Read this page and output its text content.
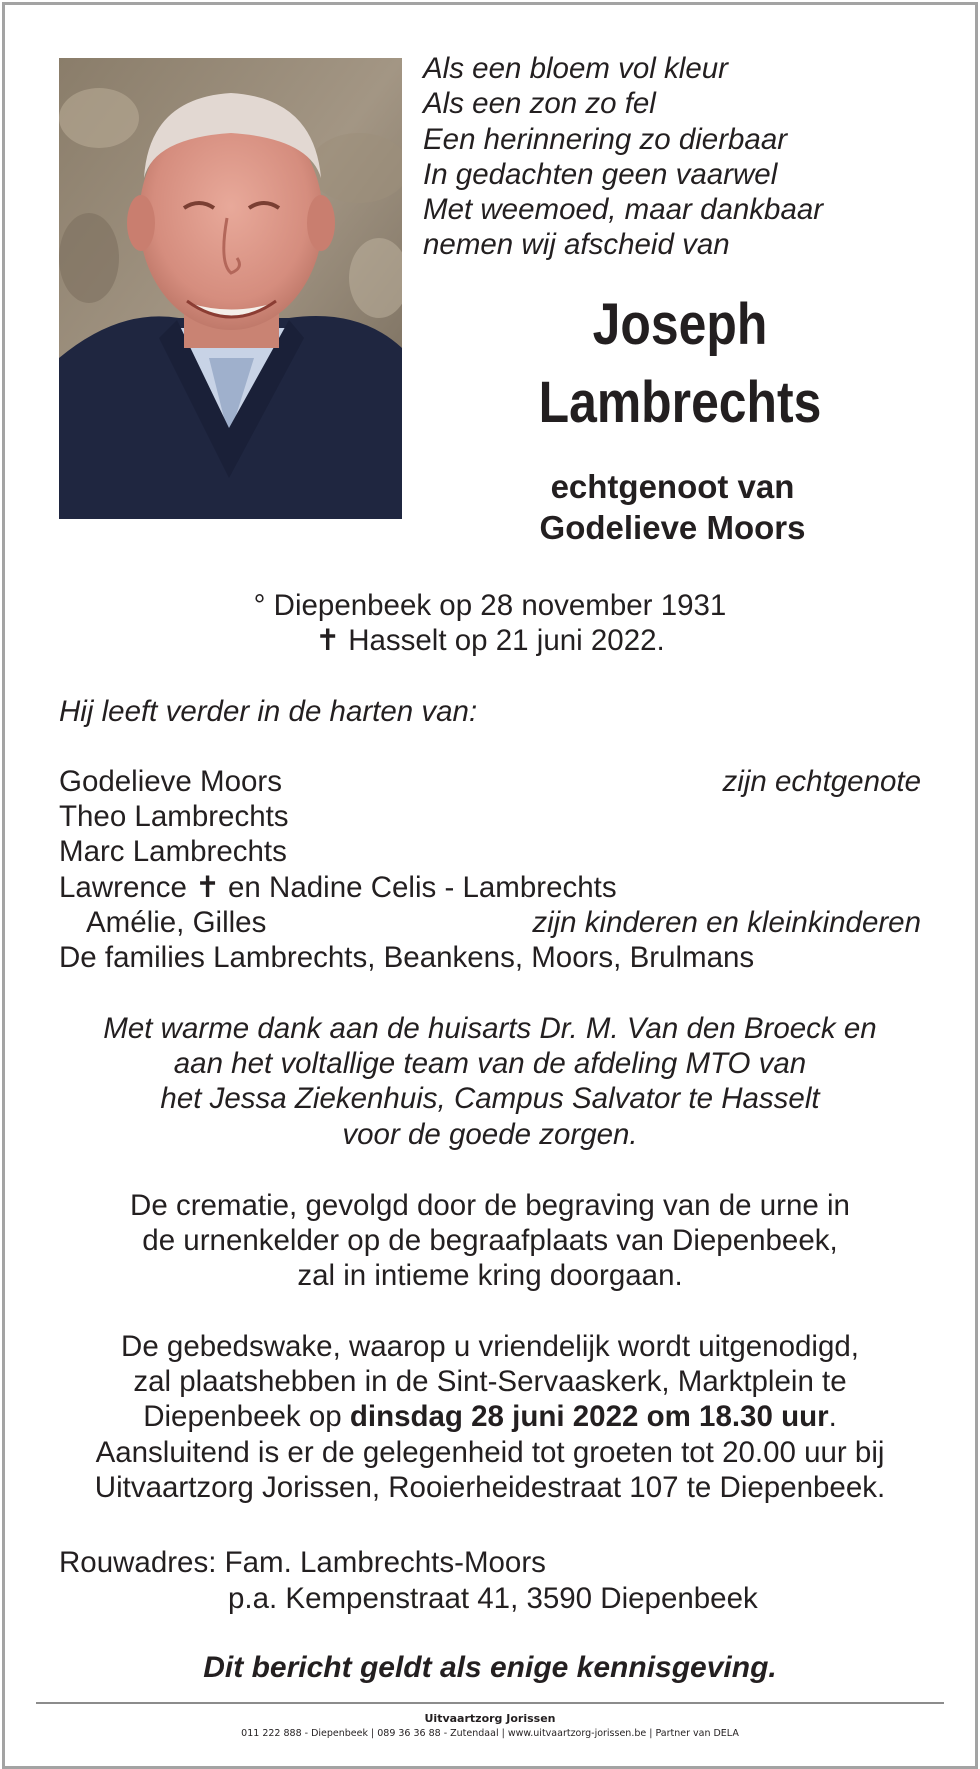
Als een bloem vol kleur
Als een zon zo fel
Een herinnering zo dierbaar
In gedachten geen vaarwel
Met weemoed, maar dankbaar
nemen wij afscheid van
Joseph
Lambrechts
echtgenoot van
Godelieve Moors
° Diepenbeek op 28 november 1931
✝ Hasselt op 21 juni 2022.
Hij leeft verder in de harten van:
Godelieve Moors	zijn echtgenote
Theo Lambrechts
Marc Lambrechts
Lawrence ✝ en Nadine Celis - Lambrechts
Amélie, Gilles	zijn kinderen en kleinkinderen
De families Lambrechts, Beankens, Moors, Brulmans
Met warme dank aan de huisarts Dr. M. Van den Broeck en
aan het voltallige team van de afdeling MTO van
het Jessa Ziekenhuis, Campus Salvator te Hasselt
voor de goede zorgen.
De crematie, gevolgd door de begraving van de urne in
de urnenkelder op de begraafplaats van Diepenbeek,
zal in intieme kring doorgaan.
De gebedswake, waarop u vriendelijk wordt uitgenodigd,
zal plaatshebben in de Sint-Servaaskerk, Marktplein te
Diepenbeek op dinsdag 28 juni 2022 om 18.30 uur.
Aansluitend is er de gelegenheid tot groeten tot 20.00 uur bij
Uitvaartzorg Jorissen, Rooierheidestraat 107 te Diepenbeek.
Rouwadres: Fam. Lambrechts-Moors
p.a. Kempenstraat 41, 3590 Diepenbeek
Dit bericht geldt als enige kennisgeving.
Uitvaartzorg Jorissen
011 222 888 - Diepenbeek | 089 36 36 88 - Zutendaal | www.uitvaartzorg-jorissen.be | Partner van DELA
